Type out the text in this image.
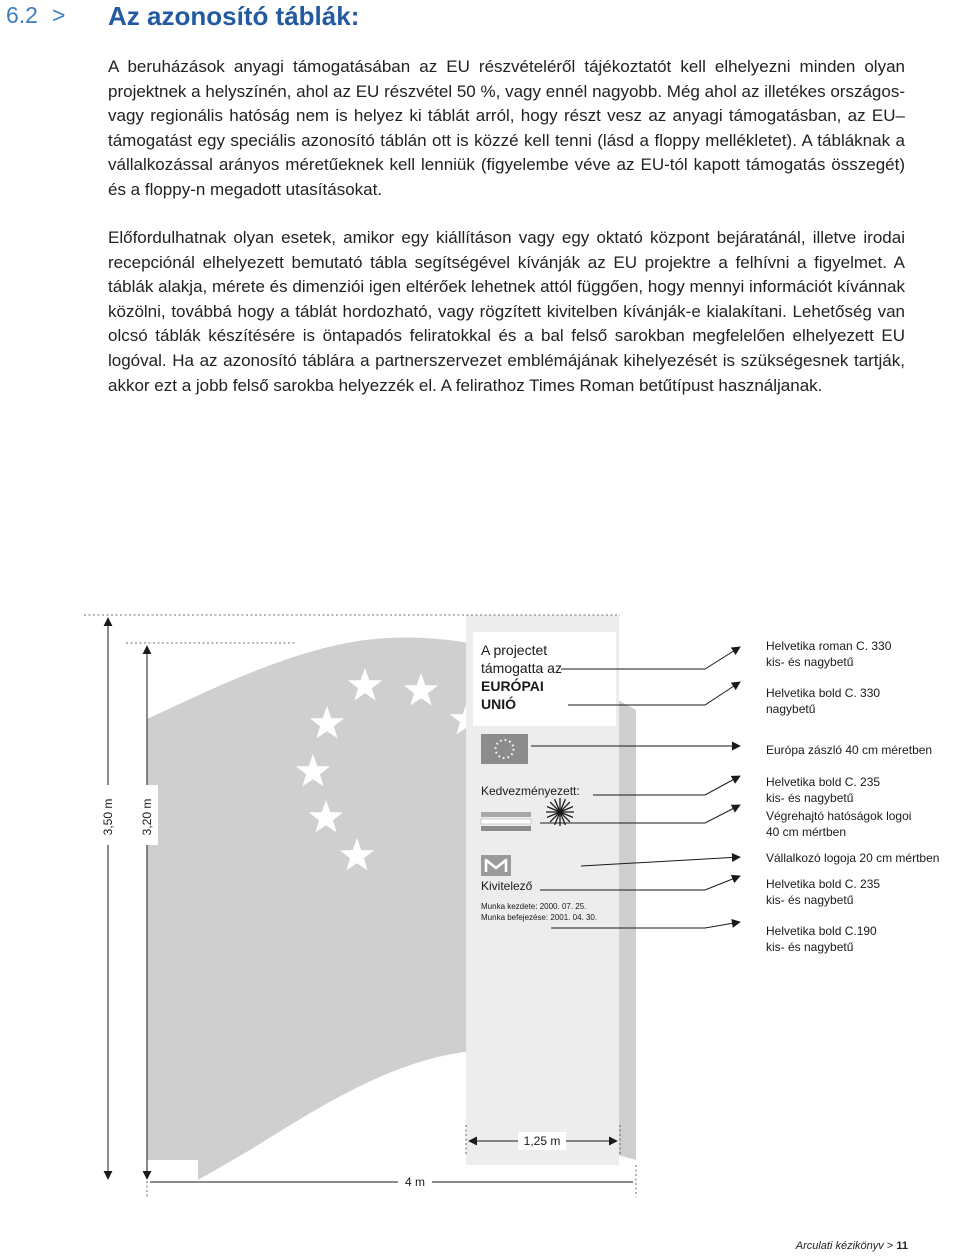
6.2 > Az azonosító táblák:

A beruházások anyagi támogatásában az EU részvételéről tájékoztatót kell elhelyezni minden olyan projektnek a helyszínén, ahol az EU részvétel 50 %, vagy ennél nagyobb. Még ahol az illetékes országos- vagy regionális hatóság nem is helyez ki táblát arról, hogy részt vesz az anyagi támogatásban, az EU–támogatást egy speciális azonosító táblán ott is közzé kell tenni (lásd a floppy mellékletet). A tábláknak a vállalkozással arányos méretűeknek kell lenniük (figyelembe véve az EU-tól kapott támogatás összegét) és a floppy-n megadott utasításokat.

Előfordulhatnak olyan esetek, amikor egy kiállításon vagy egy oktató központ bejáratánál, illetve irodai recepciónál elhelyezett bemutató tábla segítségével kívánják az EU projektre a felhívni a figyelmet. A táblák alakja, mérete és dimenziói igen eltérőek lehetnek attól függően, hogy mennyi információt kívánnak közölni, továbbá hogy a táblát hordozható, vagy rögzített kivitelben kívánják-e kialakítani. Lehetőség van olcsó táblák készítésére is öntapadós feliratokkal és a bal felső sarokban megfelelően elhelyezett EU logóval. Ha az azonosító táblára a partnerszervezet emblémájának kihelyezését is szükségesnek tartják, akkor ezt a jobb felső sarokba helyezzék el. A felirathoz Times Roman betűtípust használjanak.

A projectet
támogatta az
EURÓPAI
UNIÓ
Kedvezményezett:
Kivitelező
Munka kezdete: 2000. 07. 25.
Munka befejezése: 2001. 04. 30.
Helvetika roman C. 330
kis- és nagybetű
Helvetika bold C. 330
nagybetű
Európa zászló 40 cm méretben
Helvetika bold C. 235
kis- és nagybetű
Végrehajtó hatóságok logoi
40 cm mértben
Vállalkozó logoja 20 cm mértben
Helvetika bold C. 235
kis- és nagybetű
Helvetika bold C.190
kis- és nagybetű
3,50 m 3,20 m
1,25 m
4 m
Arculati kézikönyv > 11
